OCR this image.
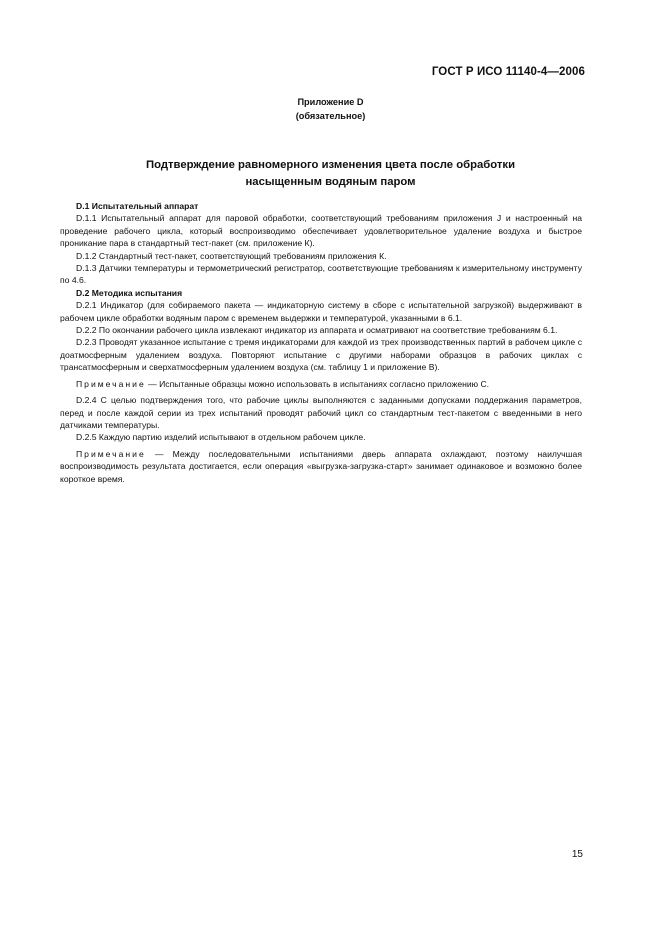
ГОСТ Р ИСО 11140-4—2006
Приложение D
(обязательное)
Подтверждение равномерного изменения цвета после обработки
насыщенным водяным паром
D.1 Испытательный аппарат

D.1.1 Испытательный аппарат для паровой обработки, соответствующий требованиям приложения J и настроенный на проведение рабочего цикла, который воспроизводимо обеспечивает удовлетворительное удаление воздуха и быстрое проникание пара в стандартный тест-пакет (см. приложение К).

D.1.2 Стандартный тест-пакет, соответствующий требованиям приложения К.

D.1.3 Датчики температуры и термометрический регистратор, соответствующие требованиям к измерительному инструменту по 4.6.

D.2 Методика испытания

D.2.1 Индикатор (для собираемого пакета — индикаторную систему в сборе с испытательной загрузкой) выдерживают в рабочем цикле обработки водяным паром с временем выдержки и температурой, указанными в 6.1.

D.2.2 По окончании рабочего цикла извлекают индикатор из аппарата и осматривают на соответствие требованиям 6.1.

D.2.3 Проводят указанное испытание с тремя индикаторами для каждой из трех производственных партий в рабочем цикле с доатмосферным удалением воздуха. Повторяют испытание с другими наборами образцов в рабочих циклах с трансатмосферным и сверхатмосферным удалением воздуха (см. таблицу 1 и приложение В).

Примечание — Испытанные образцы можно использовать в испытаниях согласно приложению С.

D.2.4 С целью подтверждения того, что рабочие циклы выполняются с заданными допусками поддержания параметров, перед и после каждой серии из трех испытаний проводят рабочий цикл со стандартным тест-пакетом с введенными в него датчиками температуры.

D.2.5 Каждую партию изделий испытывают в отдельном рабочем цикле.

Примечание — Между последовательными испытаниями дверь аппарата охлаждают, поэтому наилучшая воспроизводимость результата достигается, если операция «выгрузка-загрузка-старт» занимает одинаковое и возможно более короткое время.

15
